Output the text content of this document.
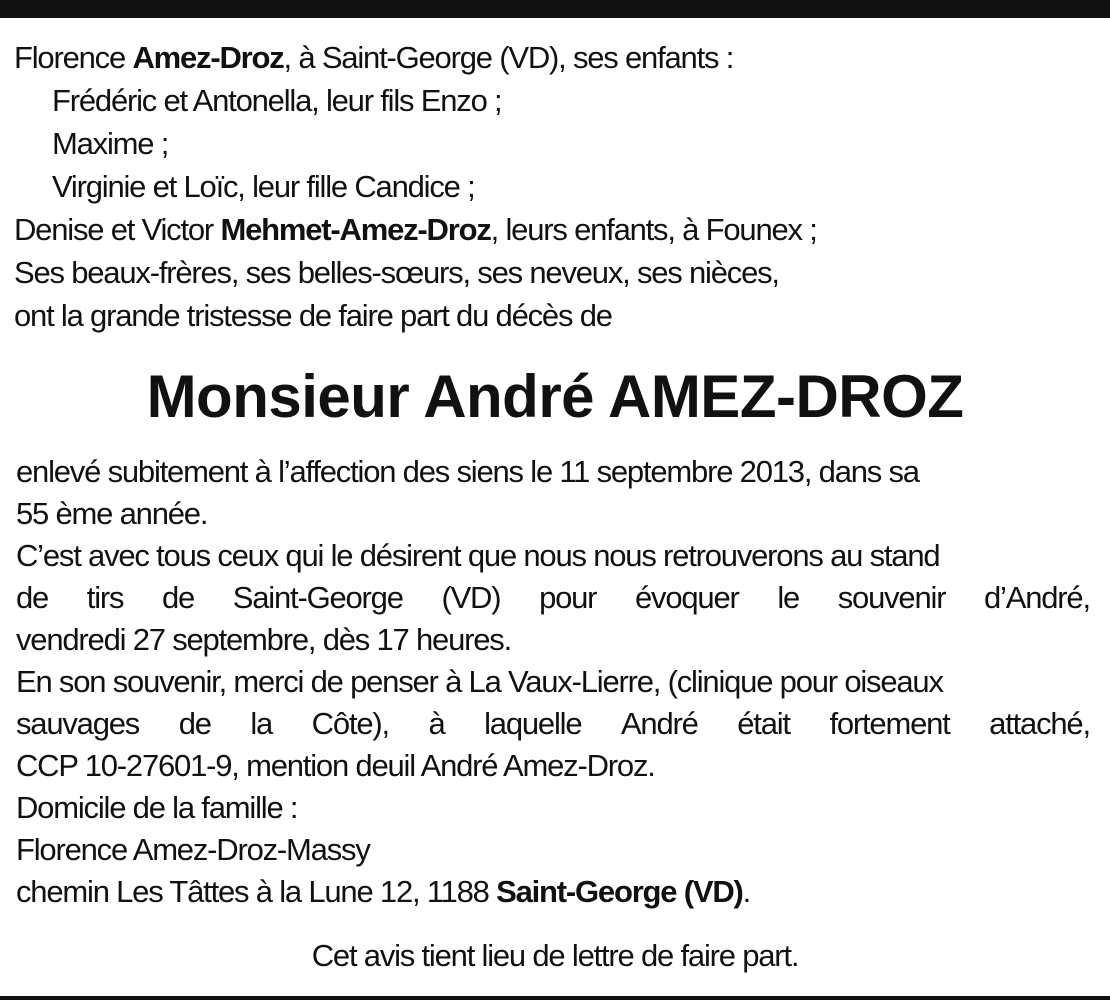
Florence Amez-Droz, à Saint-George (VD), ses enfants :
Frédéric et Antonella, leur fils Enzo ;
Maxime ;
Virginie et Loïc, leur fille Candice ;
Denise et Victor Mehmet-Amez-Droz, leurs enfants, à Founex ;
Ses beaux-frères, ses belles-sœurs, ses neveux, ses nièces,
ont la grande tristesse de faire part du décès de
Monsieur André AMEZ-DROZ
enlevé subitement à l’affection des siens le 11 septembre 2013, dans sa
55 ème année.
C’est avec tous ceux qui le désirent que nous nous retrouverons au stand
de tirs de Saint-George (VD) pour évoquer le souvenir d’André,
vendredi 27 septembre, dès 17 heures.
En son souvenir, merci de penser à La Vaux-Lierre, (clinique pour oiseaux
sauvages de la Côte), à laquelle André était fortement attaché,
CCP 10-27601-9, mention deuil André Amez-Droz.
Domicile de la famille :
Florence Amez-Droz-Massy
chemin Les Tâttes à la Lune 12, 1188 Saint-George (VD).
Cet avis tient lieu de lettre de faire part.
